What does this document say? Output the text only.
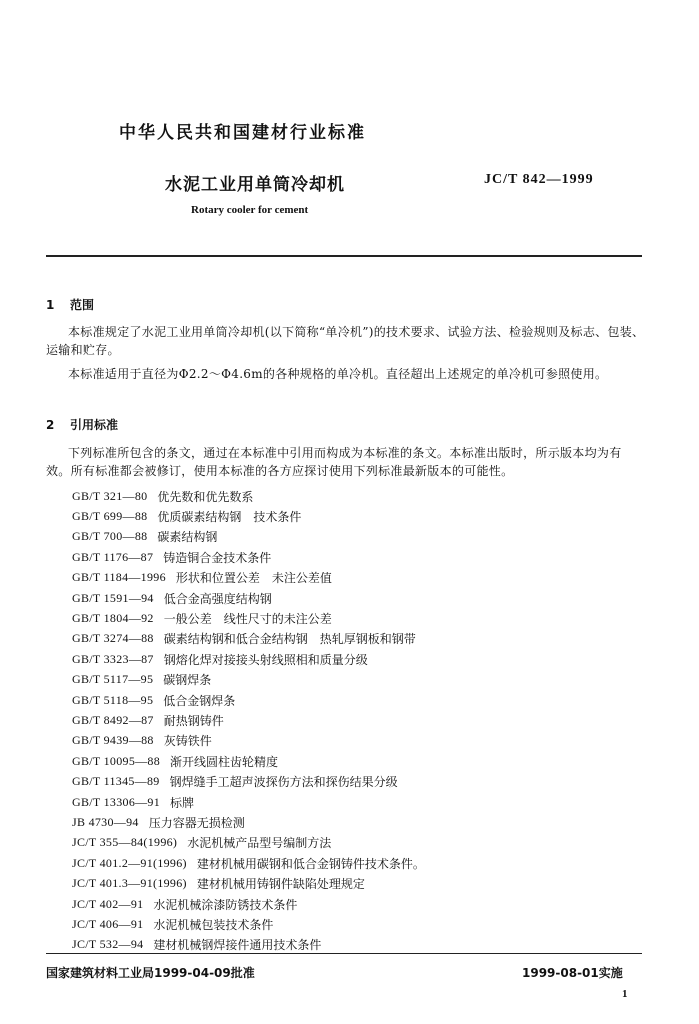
中华人民共和国建材行业标准
水泥工业用单筒冷却机	JC/T 842—1999
Rotary cooler for cement
1 范围
本标准规定了水泥工业用单筒冷却机(以下简称“单冷机”)的技术要求、试验方法、检验规则及标志、包装、运输和贮存。
本标准适用于直径为Φ2.2～Φ4.6m的各种规格的单冷机。直径超出上述规定的单冷机可参照使用。
2 引用标准
下列标准所包含的条文，通过在本标准中引用而构成为本标准的条文。本标准出版时，所示版本均为有效。所有标准都会被修订，使用本标准的各方应探讨使用下列标准最新版本的可能性。
GB/T 321—80 优先数和优先数系
GB/T 699—88 优质碳素结构钢　技术条件
GB/T 700—88 碳素结构钢
GB/T 1176—87 铸造铜合金技术条件
GB/T 1184—1996 形状和位置公差　未注公差值
GB/T 1591—94 低合金高强度结构钢
GB/T 1804—92 一般公差　线性尺寸的未注公差
GB/T 3274—88 碳素结构钢和低合金结构钢　热轧厚钢板和钢带
GB/T 3323—87 钢熔化焊对接接头射线照相和质量分级
GB/T 5117—95 碳钢焊条
GB/T 5118—95 低合金钢焊条
GB/T 8492—87 耐热钢铸件
GB/T 9439—88 灰铸铁件
GB/T 10095—88 渐开线圆柱齿轮精度
GB/T 11345—89 钢焊缝手工超声波探伤方法和探伤结果分级
GB/T 13306—91 标牌
JB 4730—94 压力容器无损检测
JC/T 355—84(1996) 水泥机械产品型号编制方法
JC/T 401.2—91(1996) 建材机械用碳钢和低合金钢铸件技术条件。
JC/T 401.3—91(1996) 建材机械用铸钢件缺陷处理规定
JC/T 402—91 水泥机械涂漆防锈技术条件
JC/T 406—91 水泥机械包装技术条件
JC/T 532—94 建材机械钢焊接件通用技术条件
国家建筑材料工业局1999-04-09批准	1999-08-01实施
1
